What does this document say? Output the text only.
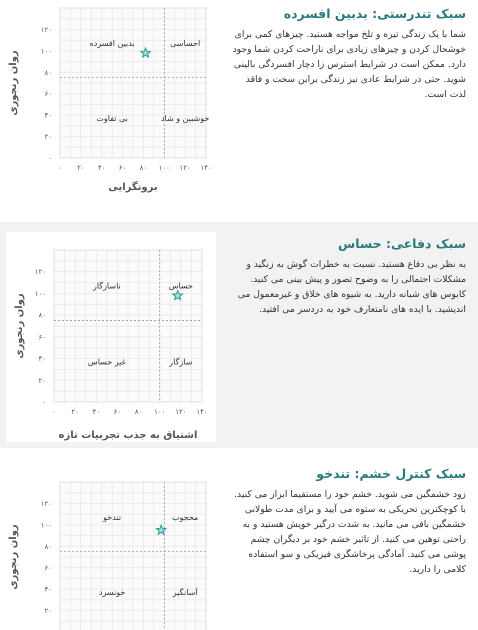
سبک تندرستی: بدبین افسرده

شما با یک زندگی تیره و تلخ مواجه هستید. چیزهای کمی برای خوشحال کردن و چیزهای زیادی برای ناراحت کردن شما وجود دارد. ممکن است در شرایط استرس زا دچار افسردگی بالینی شوید. حتی در شرایط عادی نیز زندگی براین سخت و فاقد لذت است.

۰ ۲۰ ۴۰ ۶۰ ۸۰ ۱۰۰ ۱۲۰ ۱۴۰
۰
۲۰
۴۰
۶۰
۸۰
۱۰۰
۱۲۰
بدبین افسرده	احساسی
بی تفاوت	خوشبین و شاد
برونگرایی
روان رنجوری

سبک دفاعی: حساس

به نظر بی دفاع هستید. نسبت به خطرات گوش به زنگید و مشکلات احتمالی را به وضوح تصور و پیش بینی می کنید. کابوس های شبانه دارید. به شیوه های خلاق و غیرمعمول می اندیشید. با ایده های نامتعارف خود به دردسر می افتید.

۰ ۲۰ ۴۰ ۶۰ ۸۰ ۱۰۰ ۱۲۰ ۱۴۰
۰
۲۰
۴۰
۶۰
۸۰
۱۰۰
۱۲۰
ناسازگار	حساس
غیر حساس	سازگار
اشتیاق به جذب تجربیات تازه
روان رنجوری

سبک کنترل خشم: تندخو

زود خشمگین می شوید. خشم خود را مستقیما ابراز می کنید. با کوچکترین تحریکی به ستوه می آیید و برای مدت طولانی خشمگین باقی می مانید. به شدت درگیر خویش هستید و به راحتی توهین می کنید. از تاثیر خشم خود بر دیگران چشم پوشی می کنید. آمادگی پرخاشگری فیزیکی و سو استفاده کلامی را دارید.

۲۰
۴۰
۶۰
۸۰
۱۰۰
۱۲۰
تندخو	محجوب
خونسرد	آسانگیر
روان رنجوری
